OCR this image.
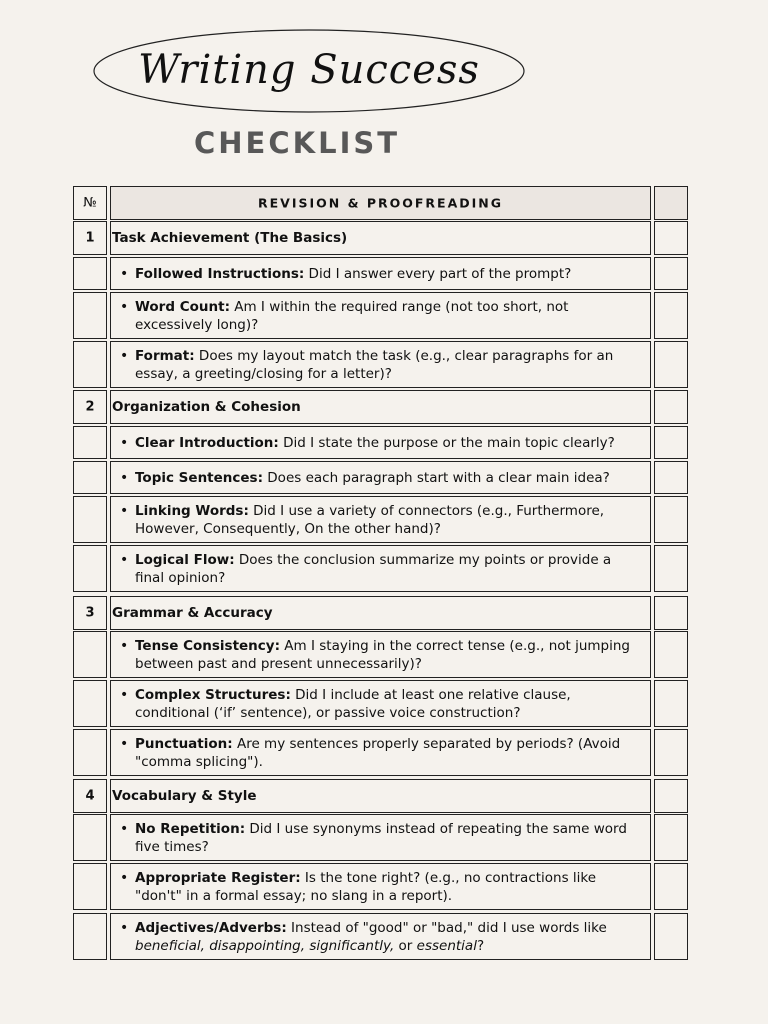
Writing Success
CHECKLIST
№	REVISION & PROOFREADING
1	Task Achievement (The Basics)
• Followed Instructions: Did I answer every part of the prompt?
• Word Count: Am I within the required range (not too short, not excessively long)?
• Format: Does my layout match the task (e.g., clear paragraphs for an essay, a greeting/closing for a letter)?
2	Organization & Cohesion
• Clear Introduction: Did I state the purpose or the main topic clearly?
• Topic Sentences: Does each paragraph start with a clear main idea?
• Linking Words: Did I use a variety of connectors (e.g., Furthermore, However, Consequently, On the other hand)?
• Logical Flow: Does the conclusion summarize my points or provide a final opinion?
3	Grammar & Accuracy
• Tense Consistency: Am I staying in the correct tense (e.g., not jumping between past and present unnecessarily)?
• Complex Structures: Did I include at least one relative clause, conditional (‘if’ sentence), or passive voice construction?
• Punctuation: Are my sentences properly separated by periods? (Avoid "comma splicing").
4	Vocabulary & Style
• No Repetition: Did I use synonyms instead of repeating the same word five times?
• Appropriate Register: Is the tone right? (e.g., no contractions like "don't" in a formal essay; no slang in a report).
• Adjectives/Adverbs: Instead of "good" or "bad," did I use words like beneficial, disappointing, significantly, or essential?
